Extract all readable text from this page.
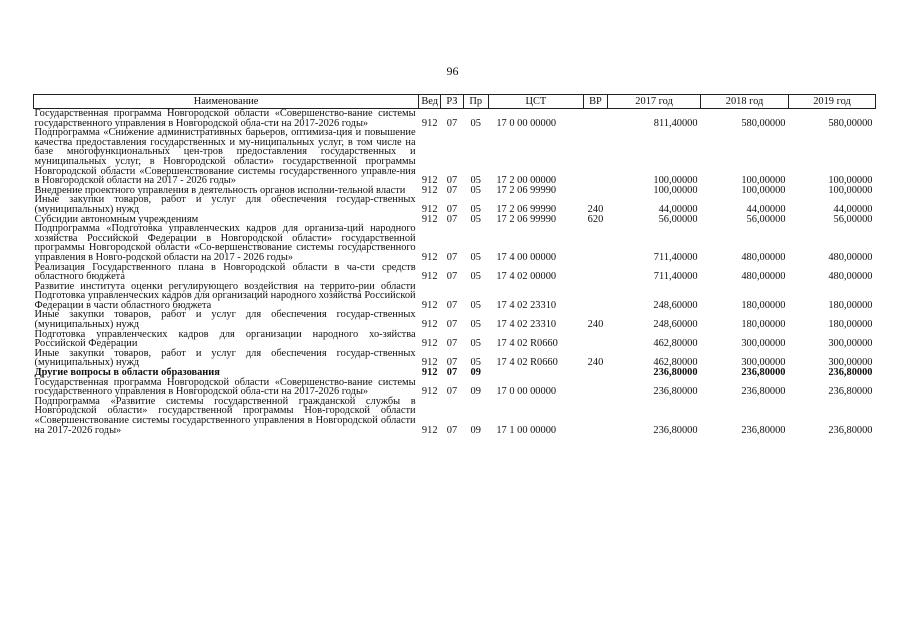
96
Наименование	Вед	РЗ	Пр	ЦСТ	ВР	2017 год	2018 год	2019 год
Государственная программа Новгородской области «Совершенство-вание системы государственного управления в Новгородской обла-сти на 2017-2026 годы»	912	07	05	17 0 00 00000		811,40000	580,00000	580,00000
Подпрограмма «Снижение административных барьеров, оптимиза-ция и повышение качества предоставления государственных и му-ниципальных услуг, в том числе на базе многофункциональных цен-тров предоставления государственных и муниципальных услуг, в Новгородской области» государственной программы Новгородской области «Совершенствование системы государственного управле-ния в Новгородской области на 2017 - 2026 годы»	912	07	05	17 2 00 00000		100,00000	100,00000	100,00000
Внедрение проектного управления в деятельность органов исполни-тельной власти	912	07	05	17 2 06 99990		100,00000	100,00000	100,00000
Иные закупки товаров, работ и услуг для обеспечения государ-ственных (муниципальных) нужд	912	07	05	17 2 06 99990	240	44,00000	44,00000	44,00000
Субсидии автономным учреждениям	912	07	05	17 2 06 99990	620	56,00000	56,00000	56,00000
Подпрограмма «Подготовка управленческих кадров для организа-ций народного хозяйства Российской Федерации в Новгородской области» государственной программы Новгородской области «Со-вершенствование системы государственного управления в Новго-родской области на 2017 - 2026 годы»	912	07	05	17 4 00 00000		711,40000	480,00000	480,00000
Реализация Государственного плана в Новгородской области в ча-сти средств областного бюджета	912	07	05	17 4 02 00000		711,40000	480,00000	480,00000
Развитие института оценки регулирующего воздействия на террито-рии области Подготовка управленческих кадров для организаций народного хозяйства Российской Федерации в части областного бюджета	912	07	05	17 4 02 23310		248,60000	180,00000	180,00000
Иные закупки товаров, работ и услуг для обеспечения государ-ственных (муниципальных) нужд	912	07	05	17 4 02 23310	240	248,60000	180,00000	180,00000
Подготовка управленческих кадров для организации народного хо-зяйства Российской Федерации	912	07	05	17 4 02 R0660		462,80000	300,00000	300,00000
Иные закупки товаров, работ и услуг для обеспечения государ-ственных (муниципальных) нужд	912	07	05	17 4 02 R0660	240	462,80000	300,00000	300,00000
Другие вопросы в области образования	912	07	09			236,80000	236,80000	236,80000
Государственная программа Новгородской области «Совершенство-вание системы государственного управления в Новгородской обла-сти на 2017-2026 годы»	912	07	09	17 0 00 00000		236,80000	236,80000	236,80000
Подпрограмма «Развитие системы государственной гражданской службы в Новгородской области» государственной программы Нов-городской области «Совершенствование системы государственного управления в Новгородской области на 2017-2026 годы»	912	07	09	17 1 00 00000		236,80000	236,80000	236,80000
